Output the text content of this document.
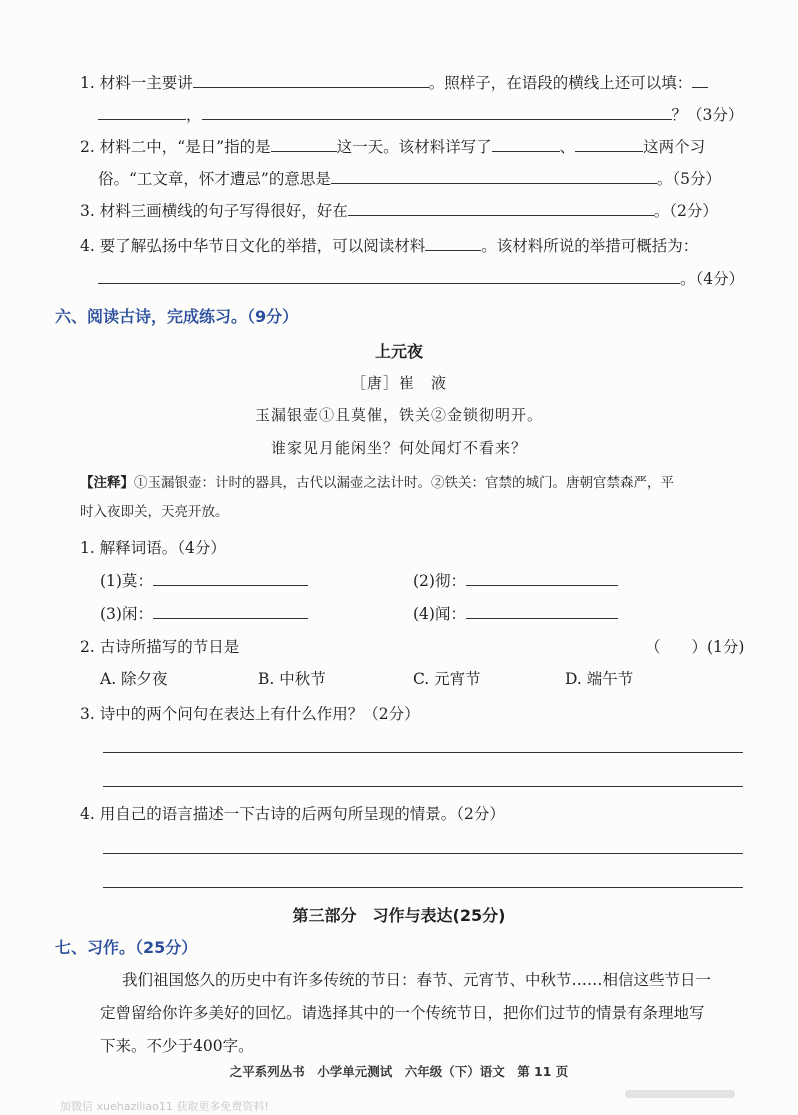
1. 材料一主要讲	。照样子，在语段的横线上还可以填：
，	？（3分）
2. 材料二中，“是日”指的是	这一天。该材料详写了	、	这两个习
俗。“工文章，怀才遭忌”的意思是	。（5分）
3. 材料三画横线的句子写得很好，好在	。（2分）
4. 要了解弘扬中华节日文化的举措，可以阅读材料	。该材料所说的举措可概括为：
。（4分）
六、阅读古诗，完成练习。（9分）
上元夜
［唐］崔　液
玉漏银壶①且莫催，铁关②金锁彻明开。
谁家见月能闲坐？何处闻灯不看来？
【注释】①玉漏银壶：计时的器具，古代以漏壶之法计时。②铁关：官禁的城门。唐朝官禁森严，平
时入夜即关，天亮开放。
1. 解释词语。（4分）
(1)莫：	(2)彻：
(3)闲：	(4)闻：
2. 古诗所描写的节日是	（　　）(1分)
A. 除夕夜	B. 中秋节	C. 元宵节	D. 端午节
3. 诗中的两个问句在表达上有什么作用？（2分）
4. 用自己的语言描述一下古诗的后两句所呈现的情景。（2分）
第三部分　习作与表达(25分)
七、习作。（25分）
我们祖国悠久的历史中有许多传统的节日：春节、元宵节、中秋节……相信这些节日一
定曾留给你许多美好的回忆。请选择其中的一个传统节日，把你们过节的情景有条理地写
下来。不少于400字。
之平系列丛书　小学单元测试　六年级（下）语文　第 11 页
加微信 xuehaziliao11 获取更多免费资料!
